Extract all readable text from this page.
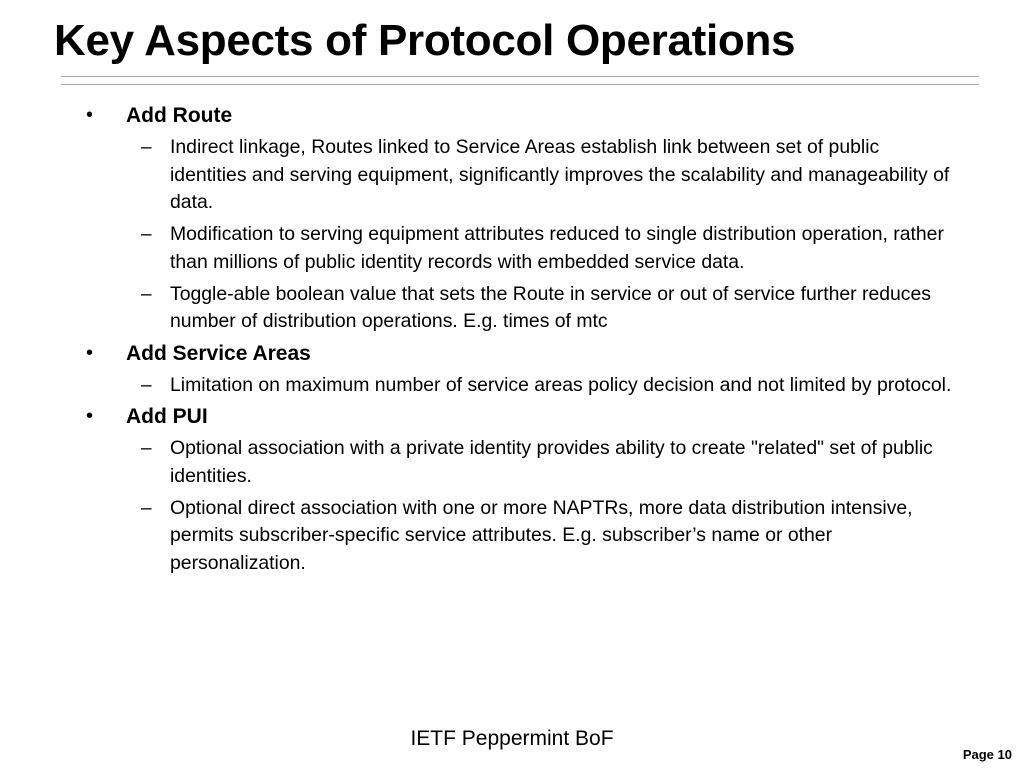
Key Aspects of Protocol Operations
• Add Route
– Indirect linkage, Routes linked to Service Areas establish link between set of public identities and serving equipment, significantly improves the scalability and manageability of data.
– Modification to serving equipment attributes reduced to single distribution operation, rather than millions of public identity records with embedded service data.
– Toggle-able boolean value that sets the Route in service or out of service further reduces number of distribution operations. E.g. times of mtc
• Add Service Areas
– Limitation on maximum number of service areas policy decision and not limited by protocol.
• Add PUI
– Optional association with a private identity provides ability to create "related" set of public identities.
– Optional direct association with one or more NAPTRs, more data distribution intensive, permits subscriber-specific service attributes. E.g. subscriber’s name or other personalization.
IETF Peppermint BoF
Page 10
